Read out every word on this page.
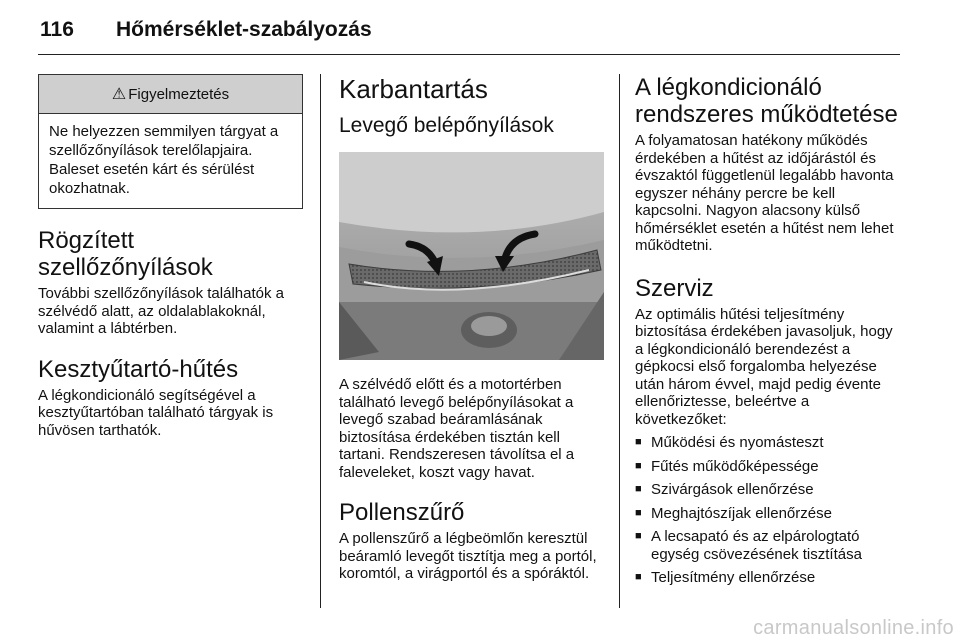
116 Hőmérséklet-szabályozás
⚠ Figyelmeztetés
Ne helyezzen semmilyen tárgyat a szellőzőnyílások terelőlapjaira. Baleset esetén kárt és sérülést okozhatnak.
Rögzített szellőzőnyílások

További szellőzőnyílások találhatók a szélvédő alatt, az oldalablakoknál, valamint a lábtérben.

Kesztyűtartó-hűtés

A légkondicionáló segítségével a kesztyűtartóban található tárgyak is hűvösen tarthatók.

Karbantartás
Levegő belépőnyílások

A szélvédő előtt és a motortérben található levegő belépőnyílásokat a levegő szabad beáramlásának biztosítása érdekében tisztán kell tartani. Rendszeresen távolítsa el a faleveleket, koszt vagy havat.

Pollenszűrő

A pollenszűrő a légbeömlőn keresztül beáramló levegőt tisztítja meg a portól, koromtól, a virágportól és a spóráktól.

A légkondicionáló rendszeres működtetése

A folyamatosan hatékony működés érdekében a hűtést az időjárástól és évszaktól függetlenül legalább havonta egyszer néhány percre be kell kapcsolni. Nagyon alacsony külső hőmérséklet esetén a hűtést nem lehet működtetni.

Szerviz

Az optimális hűtési teljesítmény biztosítása érdekében javasoljuk, hogy a légkondicionáló berendezést a gépkocsi első forgalomba helyezése után három évvel, majd pedig évente ellenőriztesse, beleértve a következőket:

■ Működési és nyomásteszt
■ Fűtés működőképessége
■ Szivárgások ellenőrzése
■ Meghajtószíjak ellenőrzése
■ A lecsapató és az elpárologtató egység csövezésének tisztítása
■ Teljesítmény ellenőrzése
carmanualsonline.info
